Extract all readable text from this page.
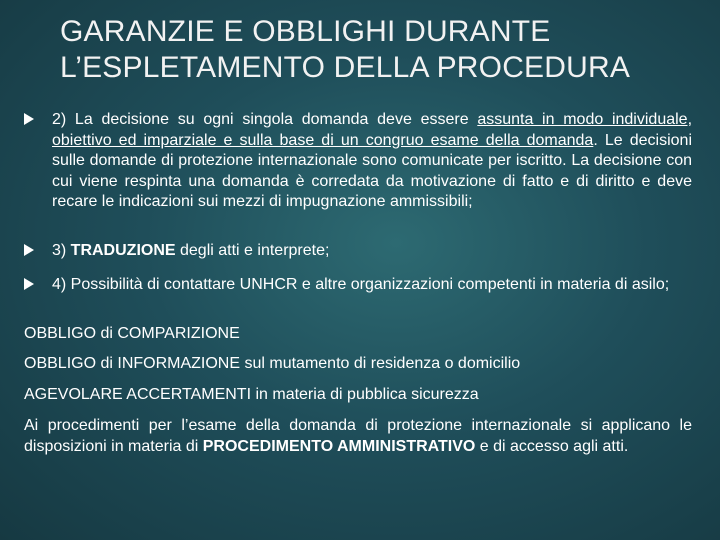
GARANZIE E OBBLIGHI DURANTE L’ESPLETAMENTO DELLA PROCEDURA

2) La decisione su ogni singola domanda deve essere assunta in modo individuale, obiettivo ed imparziale e sulla base di un congruo esame della domanda. Le decisioni sulle domande di protezione internazionale sono comunicate per iscritto. La decisione con cui viene respinta una domanda è corredata da motivazione di fatto e di diritto e deve recare le indicazioni sui mezzi di impugnazione ammissibili;

3) TRADUZIONE degli atti e interprete;

4) Possibilità di contattare UNHCR e altre organizzazioni competenti in materia di asilo;

OBBLIGO di COMPARIZIONE

OBBLIGO di INFORMAZIONE sul mutamento di residenza o domicilio

AGEVOLARE ACCERTAMENTI in materia di pubblica sicurezza

Ai procedimenti per l’esame della domanda di protezione internazionale si applicano le disposizioni in materia di PROCEDIMENTO AMMINISTRATIVO e di accesso agli atti.
